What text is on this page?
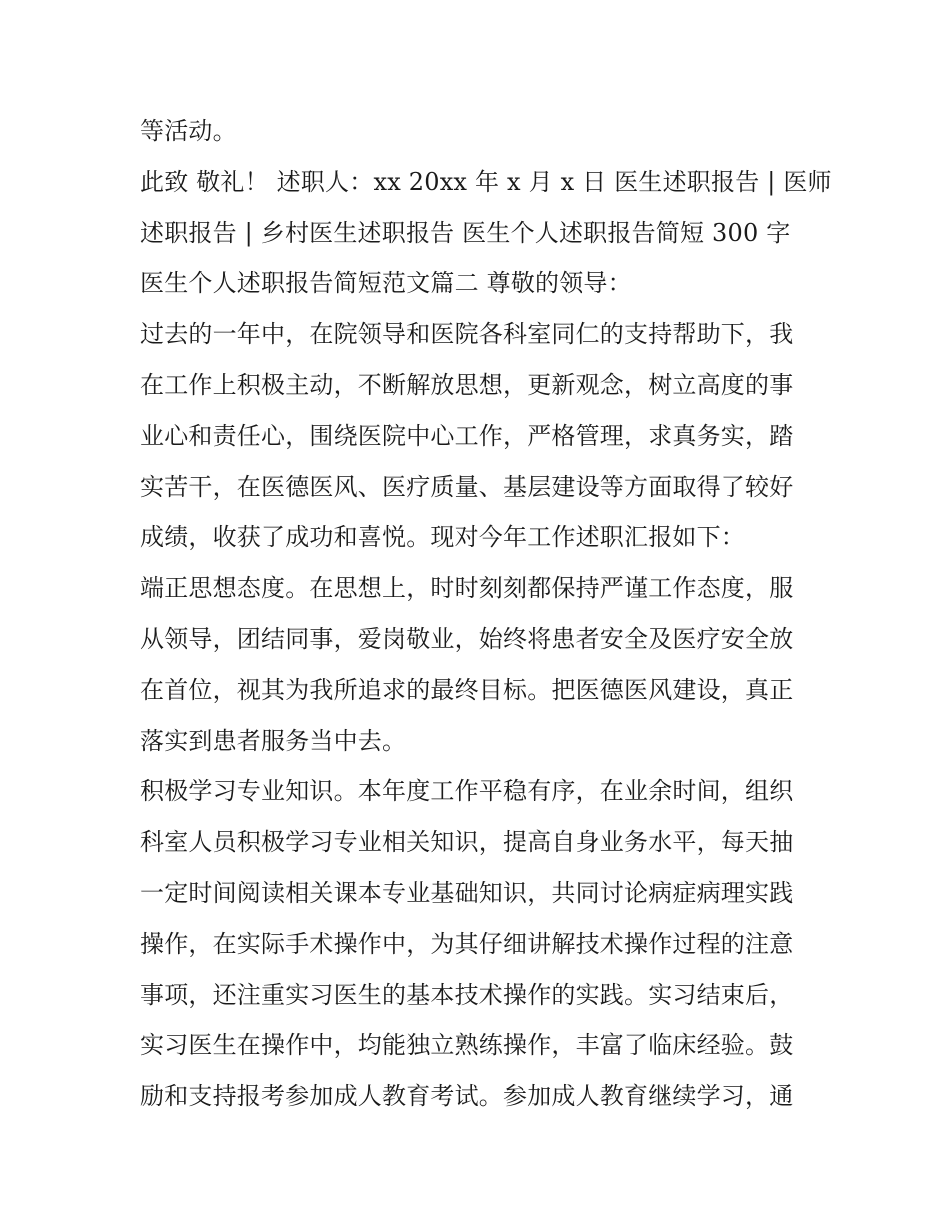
等活动。
此致 敬礼！ 述职人：xx 20xx 年 x 月 x 日 医生述职报告 | 医师
述职报告 | 乡村医生述职报告 医生个人述职报告简短 300 字
医生个人述职报告简短范文篇二 尊敬的领导：
过去的一年中，在院领导和医院各科室同仁的支持帮助下，我
在工作上积极主动，不断解放思想，更新观念，树立高度的事
业心和责任心，围绕医院中心工作，严格管理，求真务实，踏
实苦干，在医德医风、医疗质量、基层建设等方面取得了较好
成绩，收获了成功和喜悦。现对今年工作述职汇报如下：
端正思想态度。在思想上，时时刻刻都保持严谨工作态度，服
从领导，团结同事，爱岗敬业，始终将患者安全及医疗安全放
在首位，视其为我所追求的最终目标。把医德医风建设，真正
落实到患者服务当中去。
积极学习专业知识。本年度工作平稳有序，在业余时间，组织
科室人员积极学习专业相关知识，提高自身业务水平，每天抽
一定时间阅读相关课本专业基础知识，共同讨论病症病理实践
操作，在实际手术操作中，为其仔细讲解技术操作过程的注意
事项，还注重实习医生的基本技术操作的实践。实习结束后，
实习医生在操作中，均能独立熟练操作，丰富了临床经验。鼓
励和支持报考参加成人教育考试。参加成人教育继续学习，通
